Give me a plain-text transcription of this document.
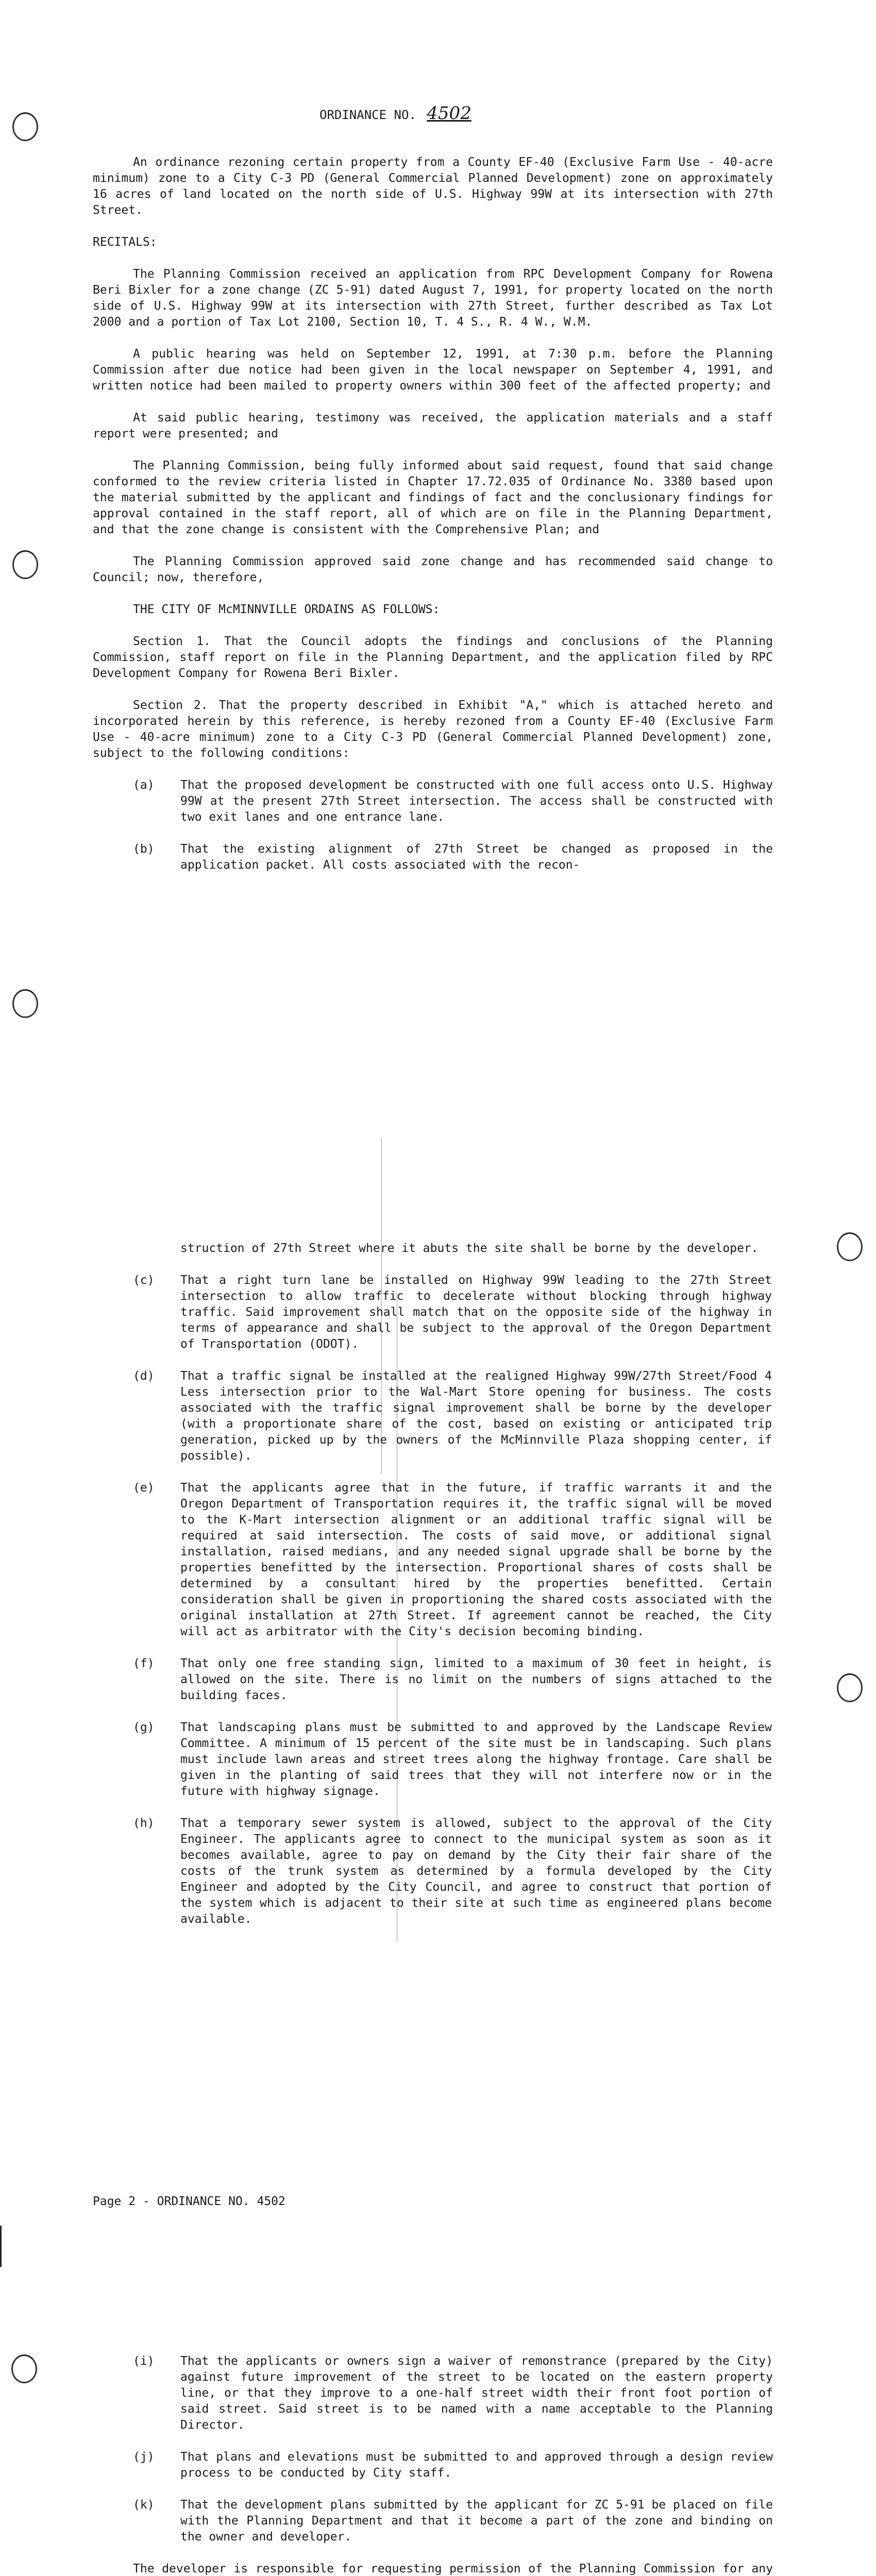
ORDINANCE NO. 4502

An ordinance rezoning certain property from a County EF-40 (Exclusive Farm Use - 40-acre minimum) zone to a City C-3 PD (General Commercial Planned Development) zone on approximately 16 acres of land located on the north side of U.S. Highway 99W at its intersection with 27th Street.

RECITALS:

The Planning Commission received an application from RPC Development Company for Rowena Beri Bixler for a zone change (ZC 5-91) dated August 7, 1991, for property located on the north side of U.S. Highway 99W at its intersection with 27th Street, further described as Tax Lot 2000 and a portion of Tax Lot 2100, Section 10, T. 4 S., R. 4 W., W.M.

A public hearing was held on September 12, 1991, at 7:30 p.m. before the Planning Commission after due notice had been given in the local newspaper on September 4, 1991, and written notice had been mailed to property owners within 300 feet of the affected property; and

At said public hearing, testimony was received, the application materials and a staff report were presented; and

The Planning Commission, being fully informed about said request, found that said change conformed to the review criteria listed in Chapter 17.72.035 of Ordinance No. 3380 based upon the material submitted by the applicant and findings of fact and the conclusionary findings for approval contained in the staff report, all of which are on file in the Planning Department, and that the zone change is consistent with the Comprehensive Plan; and

The Planning Commission approved said zone change and has recommended said change to Council; now, therefore,

THE CITY OF McMINNVILLE ORDAINS AS FOLLOWS:

Section 1. That the Council adopts the findings and conclusions of the Planning Commission, staff report on file in the Planning Department, and the application filed by RPC Development Company for Rowena Beri Bixler.

Section 2. That the property described in Exhibit "A," which is attached hereto and incorporated herein by this reference, is hereby rezoned from a County EF-40 (Exclusive Farm Use - 40-acre minimum) zone to a City C-3 PD (General Commercial Planned Development) zone, subject to the following conditions:

(a) That the proposed development be constructed with one full access onto U.S. Highway 99W at the present 27th Street intersection. The access shall be constructed with two exit lanes and one entrance lane.
(b) That the existing alignment of 27th Street be changed as proposed in the application packet. All costs associated with the recon-
struction of 27th Street where it abuts the site shall be borne by the developer.
(c) That a right turn lane be installed on Highway 99W leading to the 27th Street intersection to allow traffic to decelerate without blocking through highway traffic. Said improvement shall match that on the opposite side of the highway in terms of appearance and shall be subject to the approval of the Oregon Department of Transportation (ODOT).
(d) That a traffic signal be installed at the realigned Highway 99W/27th Street/Food 4 Less intersection prior to the Wal-Mart Store opening for business. The costs associated with the traffic signal improvement shall be borne by the developer (with a proportionate share of the cost, based on existing or anticipated trip generation, picked up by the owners of the McMinnville Plaza shopping center, if possible).
(e) That the applicants agree that in the future, if traffic warrants it and the Oregon Department of Transportation requires it, the traffic signal will be moved to the K-Mart intersection alignment or an additional traffic signal will be required at said intersection. The costs of said move, or additional signal installation, raised medians, and any needed signal upgrade shall be borne by the properties benefitted by the intersection. Proportional shares of costs shall be determined by a consultant hired by the properties benefitted. Certain consideration shall be given in proportioning the shared costs associated with the original installation at 27th Street. If agreement cannot be reached, the City will act as arbitrator with the City's decision becoming binding.
(f) That only one free standing sign, limited to a maximum of 30 feet in height, is allowed on the site. There is no limit on the numbers of signs attached to the building faces.
(g) That landscaping plans must be submitted to and approved by the Landscape Review Committee. A minimum of 15 percent of the site must be in landscaping. Such plans must include lawn areas and street trees along the highway frontage. Care shall be given in the planting of said trees that they will not interfere now or in the future with highway signage.
(h) That a temporary sewer system is allowed, subject to the approval of the City Engineer. The applicants agree to connect to the municipal system as soon as it becomes available, agree to pay on demand by the City their fair share of the costs of the trunk system as determined by a formula developed by the City Engineer and adopted by the City Council, and agree to construct that portion of the system which is adjacent to their site at such time as engineered plans become available.
Page 2 - ORDINANCE NO. 4502
(i) That the applicants or owners sign a waiver of remonstrance (prepared by the City) against future improvement of the street to be located on the eastern property line, or that they improve to a one-half street width their front foot portion of said street. Said street is to be named with a name acceptable to the Planning Director.
(j) That plans and elevations must be submitted to and approved through a design review process to be conducted by City staff.
(k) That the development plans submitted by the applicant for ZC 5-91 be placed on file with the Planning Department and that it become a part of the zone and binding on the owner and developer.

The developer is responsible for requesting permission of the Planning Commission for any
